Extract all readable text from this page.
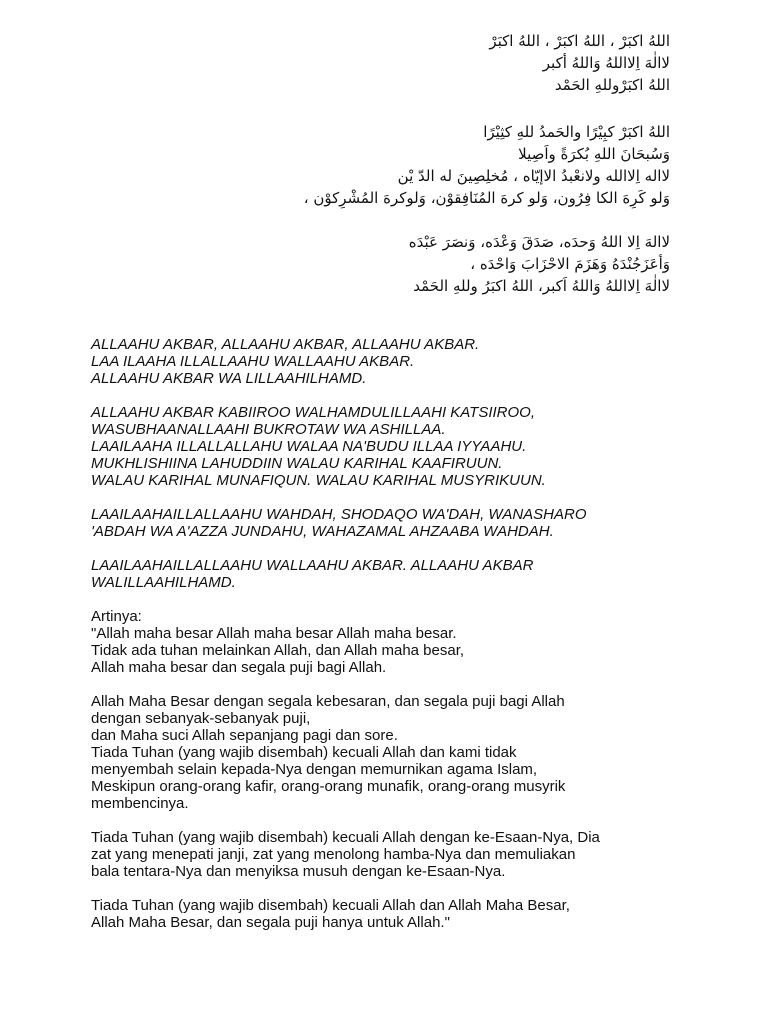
اللهُ اكبَرْ ، اللهُ اكبَرْ ، اللهُ اكبَرْ
لاالٰهَ اِلااللهُ وَاللهُ أكبر
اللهُ اكبَرْوللهِ الحَمْد
اللهُ اكبَرْ كبِيْرًا والحَمدُ للهِ كثِيْرًا
وَسُبحَانَ اللهِ بُكرَةً واَصِيلا
لااله اِلاالله ولانعْبدُ الاإيّاه ، مُخلِصِينَ له الدّ يْن
وَلو كَرِهَ الكا فِرُون، وَلو كرهَ المُنَافِقوْن، وَلوكرهَ المُشْرِكوْن ،
لاالهَ اِلا اللهُ وَحدَه، صَدَقَ وَعْدَه، وَنصَرَ عَبْدَه
وَأعَزَجُنْدَهُ وَهَزَمَ الاحْزَابَ وَاحْدَه ،
لاالٰهَ اِلااللهُ وَاللهُ اَكبر، اللهُ اكبَرُ وللهِ الحَمْد
ALLAAHU AKBAR, ALLAAHU AKBAR, ALLAAHU AKBAR.
LAA ILAAHA ILLALLAAHU WALLAAHU AKBAR.
ALLAAHU AKBAR WA LILLAAHILHAMD.
ALLAAHU AKBAR KABIIROO WALHAMDULILLAAHI KATSIIROO,
WASUBHAANALLAAHI BUKROTAW WA ASHILLAA.
LAAILAAHA ILLALLALLAHU WALAA NA'BUDU ILLAA IYYAAHU.
MUKHLISHIINA LAHUDDIIN WALAU KARIHAL KAAFIRUUN.
WALAU KARIHAL MUNAFIQUN. WALAU KARIHAL MUSYRIKUUN.
LAAILAAHAILLALLAAHU WAHDAH, SHODAQO WA'DAH, WANASHARO
'ABDAH WA A'AZZA JUNDAHU, WAHAZAMAL AHZAABA WAHDAH.
LAAILAAHAILLALLAAHU WALLAAHU AKBAR. ALLAAHU AKBAR
WALILLAAHILHAMD.
Artinya:
"Allah maha besar Allah maha besar Allah maha besar.
Tidak ada tuhan melainkan Allah, dan Allah maha besar,
Allah maha besar dan segala puji bagi Allah.
Allah Maha Besar dengan segala kebesaran, dan segala puji bagi Allah
dengan sebanyak-sebanyak puji,
dan Maha suci Allah sepanjang pagi dan sore.
Tiada Tuhan (yang wajib disembah) kecuali Allah dan kami tidak
menyembah selain kepada-Nya dengan memurnikan agama Islam,
Meskipun orang-orang kafir, orang-orang munafik, orang-orang musyrik
membencinya.
Tiada Tuhan (yang wajib disembah) kecuali Allah dengan ke-Esaan-Nya, Dia
zat yang menepati janji, zat yang menolong hamba-Nya dan memuliakan
bala tentara-Nya dan menyiksa musuh dengan ke-Esaan-Nya.
Tiada Tuhan (yang wajib disembah) kecuali Allah dan Allah Maha Besar,
Allah Maha Besar, dan segala puji hanya untuk Allah."
